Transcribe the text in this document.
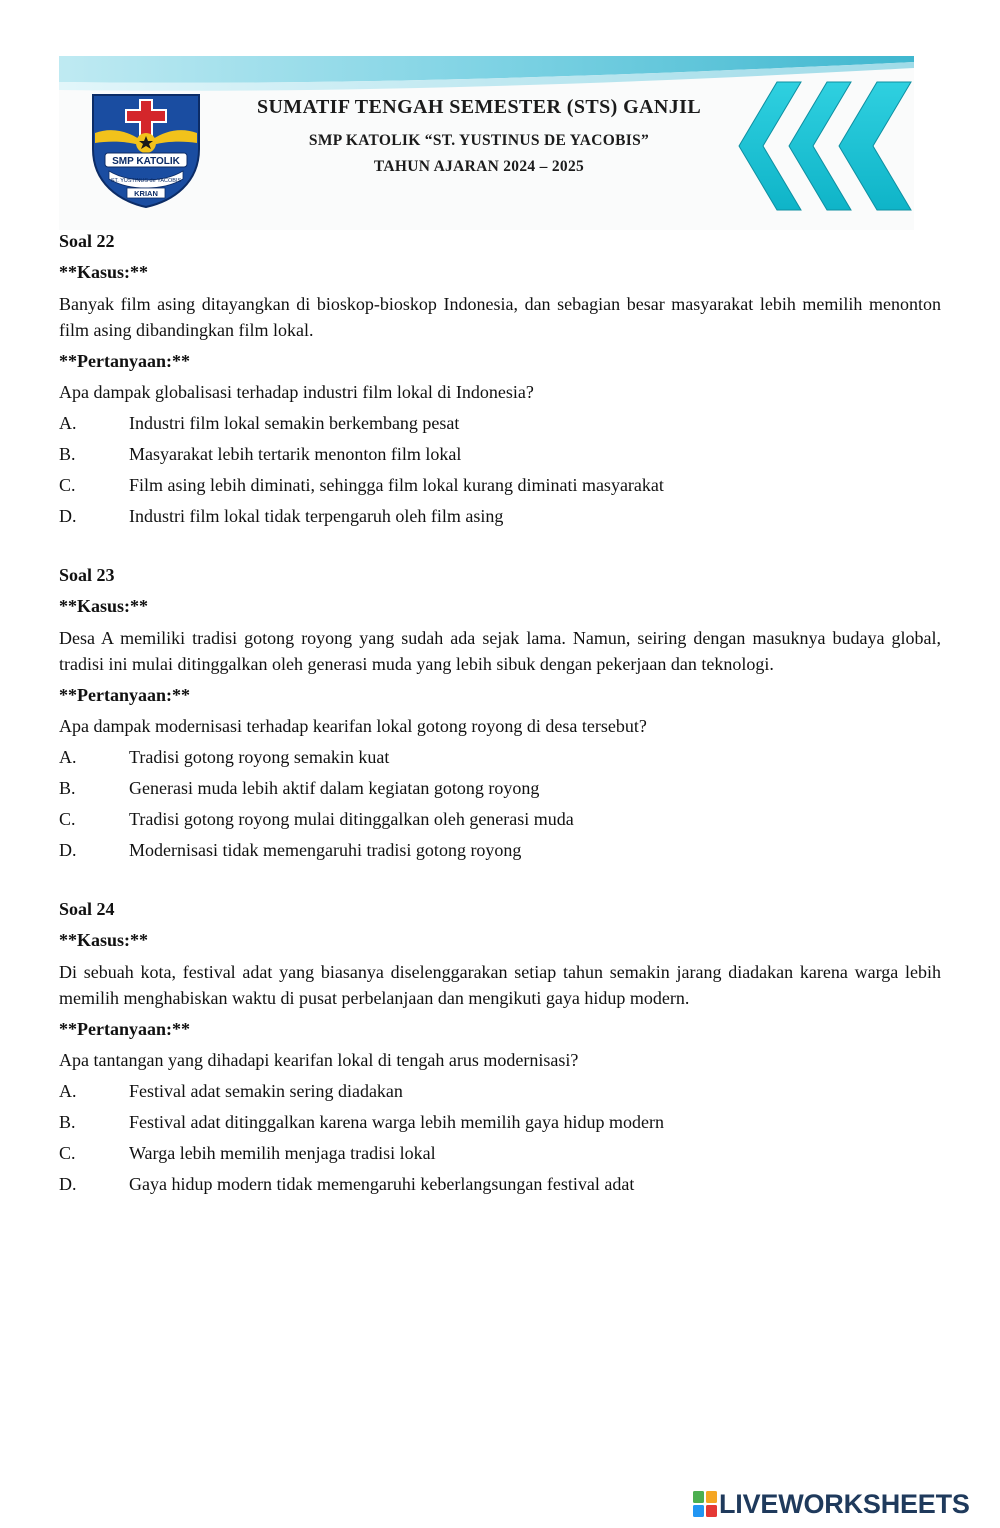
SMP KATOLIK
ST. YUSTINUS de YACOBIS
KRIAN
SUMATIF TENGAH SEMESTER (STS) GANJIL
SMP KATOLIK “ST. YUSTINUS DE YACOBIS”
TAHUN AJARAN 2024 – 2025
Soal 22
**Kasus:**
Banyak film asing ditayangkan di bioskop-bioskop Indonesia, dan sebagian besar masyarakat lebih memilih menonton film asing dibandingkan film lokal.
**Pertanyaan:**
Apa dampak globalisasi terhadap industri film lokal di Indonesia?
A.	Industri film lokal semakin berkembang pesat
B.	Masyarakat lebih tertarik menonton film lokal
C.	Film asing lebih diminati, sehingga film lokal kurang diminati masyarakat
D.	Industri film lokal tidak terpengaruh oleh film asing
Soal 23
**Kasus:**
Desa A memiliki tradisi gotong royong yang sudah ada sejak lama. Namun, seiring dengan masuknya budaya global, tradisi ini mulai ditinggalkan oleh generasi muda yang lebih sibuk dengan pekerjaan dan teknologi.
**Pertanyaan:**
Apa dampak modernisasi terhadap kearifan lokal gotong royong di desa tersebut?
A.	Tradisi gotong royong semakin kuat
B.	Generasi muda lebih aktif dalam kegiatan gotong royong
C.	Tradisi gotong royong mulai ditinggalkan oleh generasi muda
D.	Modernisasi tidak memengaruhi tradisi gotong royong
Soal 24
**Kasus:**
Di sebuah kota, festival adat yang biasanya diselenggarakan setiap tahun semakin jarang diadakan karena warga lebih memilih menghabiskan waktu di pusat perbelanjaan dan mengikuti gaya hidup modern.
**Pertanyaan:**
Apa tantangan yang dihadapi kearifan lokal di tengah arus modernisasi?
A.	Festival adat semakin sering diadakan
B.	Festival adat ditinggalkan karena warga lebih memilih gaya hidup modern
C.	Warga lebih memilih menjaga tradisi lokal
D.	Gaya hidup modern tidak memengaruhi keberlangsungan festival adat
LIVEWORKSHEETS
